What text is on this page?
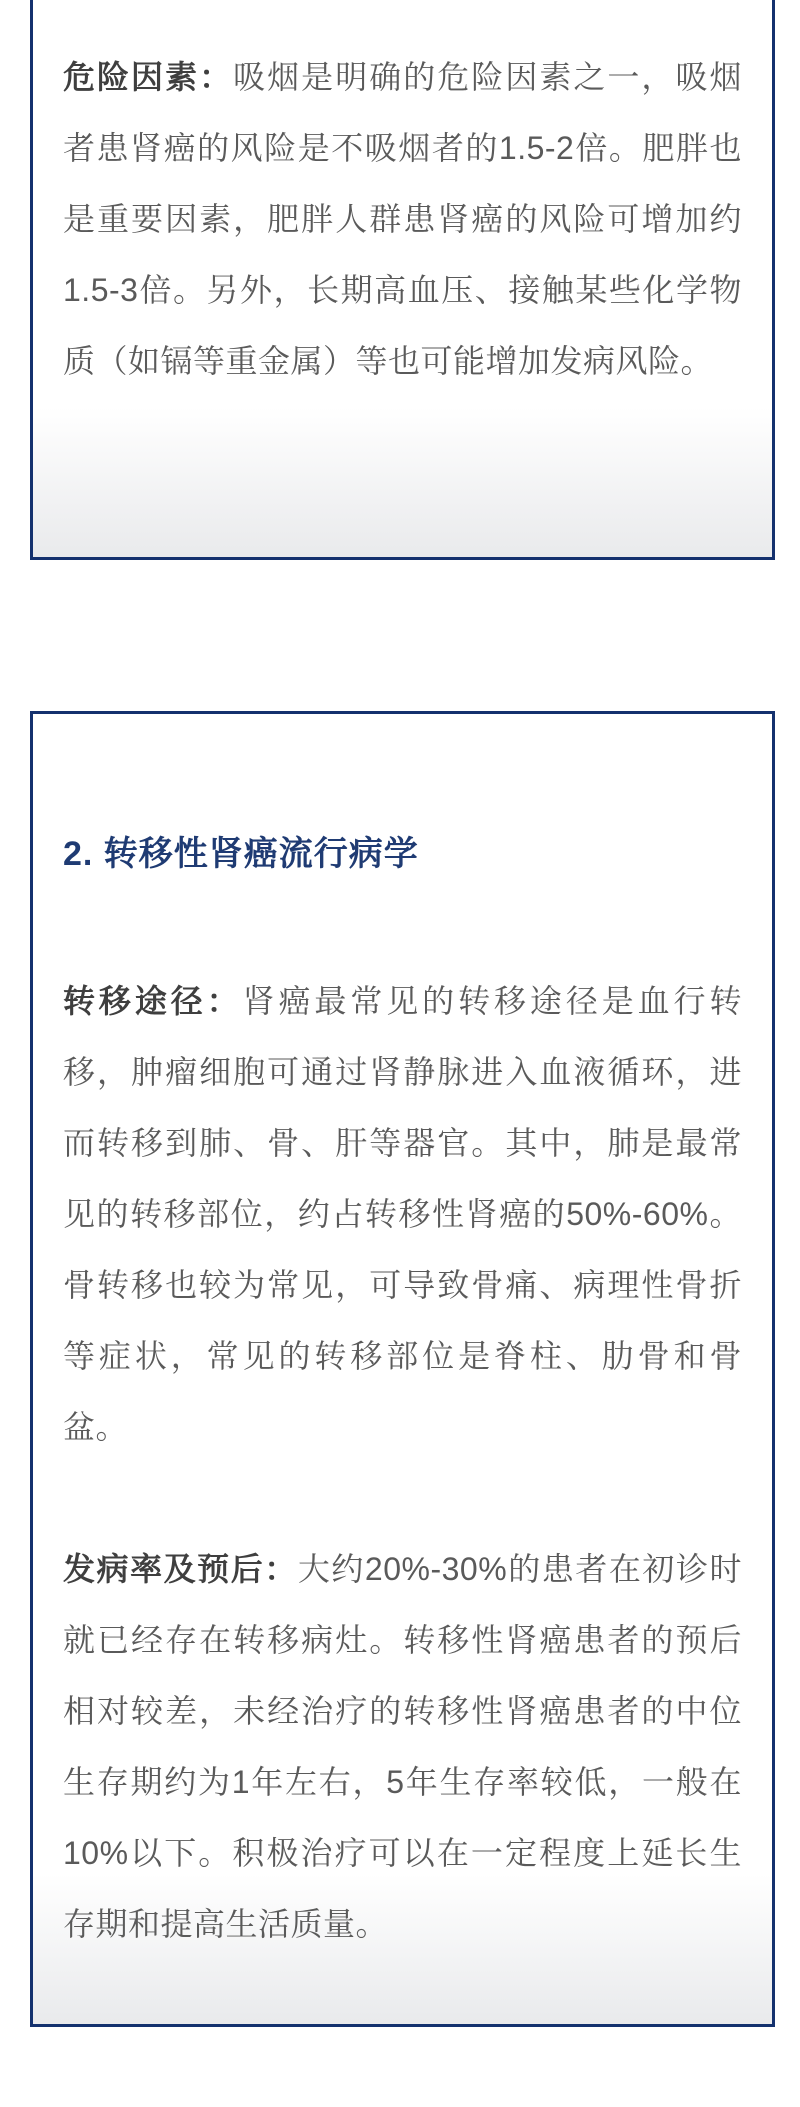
危险因素：吸烟是明确的危险因素之一，吸烟者患肾癌的风险是不吸烟者的1.5-2倍。肥胖也是重要因素，肥胖人群患肾癌的风险可增加约1.5-3倍。另外，长期高血压、接触某些化学物质（如镉等重金属）等也可能增加发病风险。

2. 转移性肾癌流行病学

转移途径：肾癌最常见的转移途径是血行转移，肿瘤细胞可通过肾静脉进入血液循环，进而转移到肺、骨、肝等器官。其中，肺是最常见的转移部位，约占转移性肾癌的50%-60%。骨转移也较为常见，可导致骨痛、病理性骨折等症状，常见的转移部位是脊柱、肋骨和骨盆。

发病率及预后：大约20%-30%的患者在初诊时就已经存在转移病灶。转移性肾癌患者的预后相对较差，未经治疗的转移性肾癌患者的中位生存期约为1年左右，5年生存率较低，一般在10%以下。积极治疗可以在一定程度上延长生存期和提高生活质量。
